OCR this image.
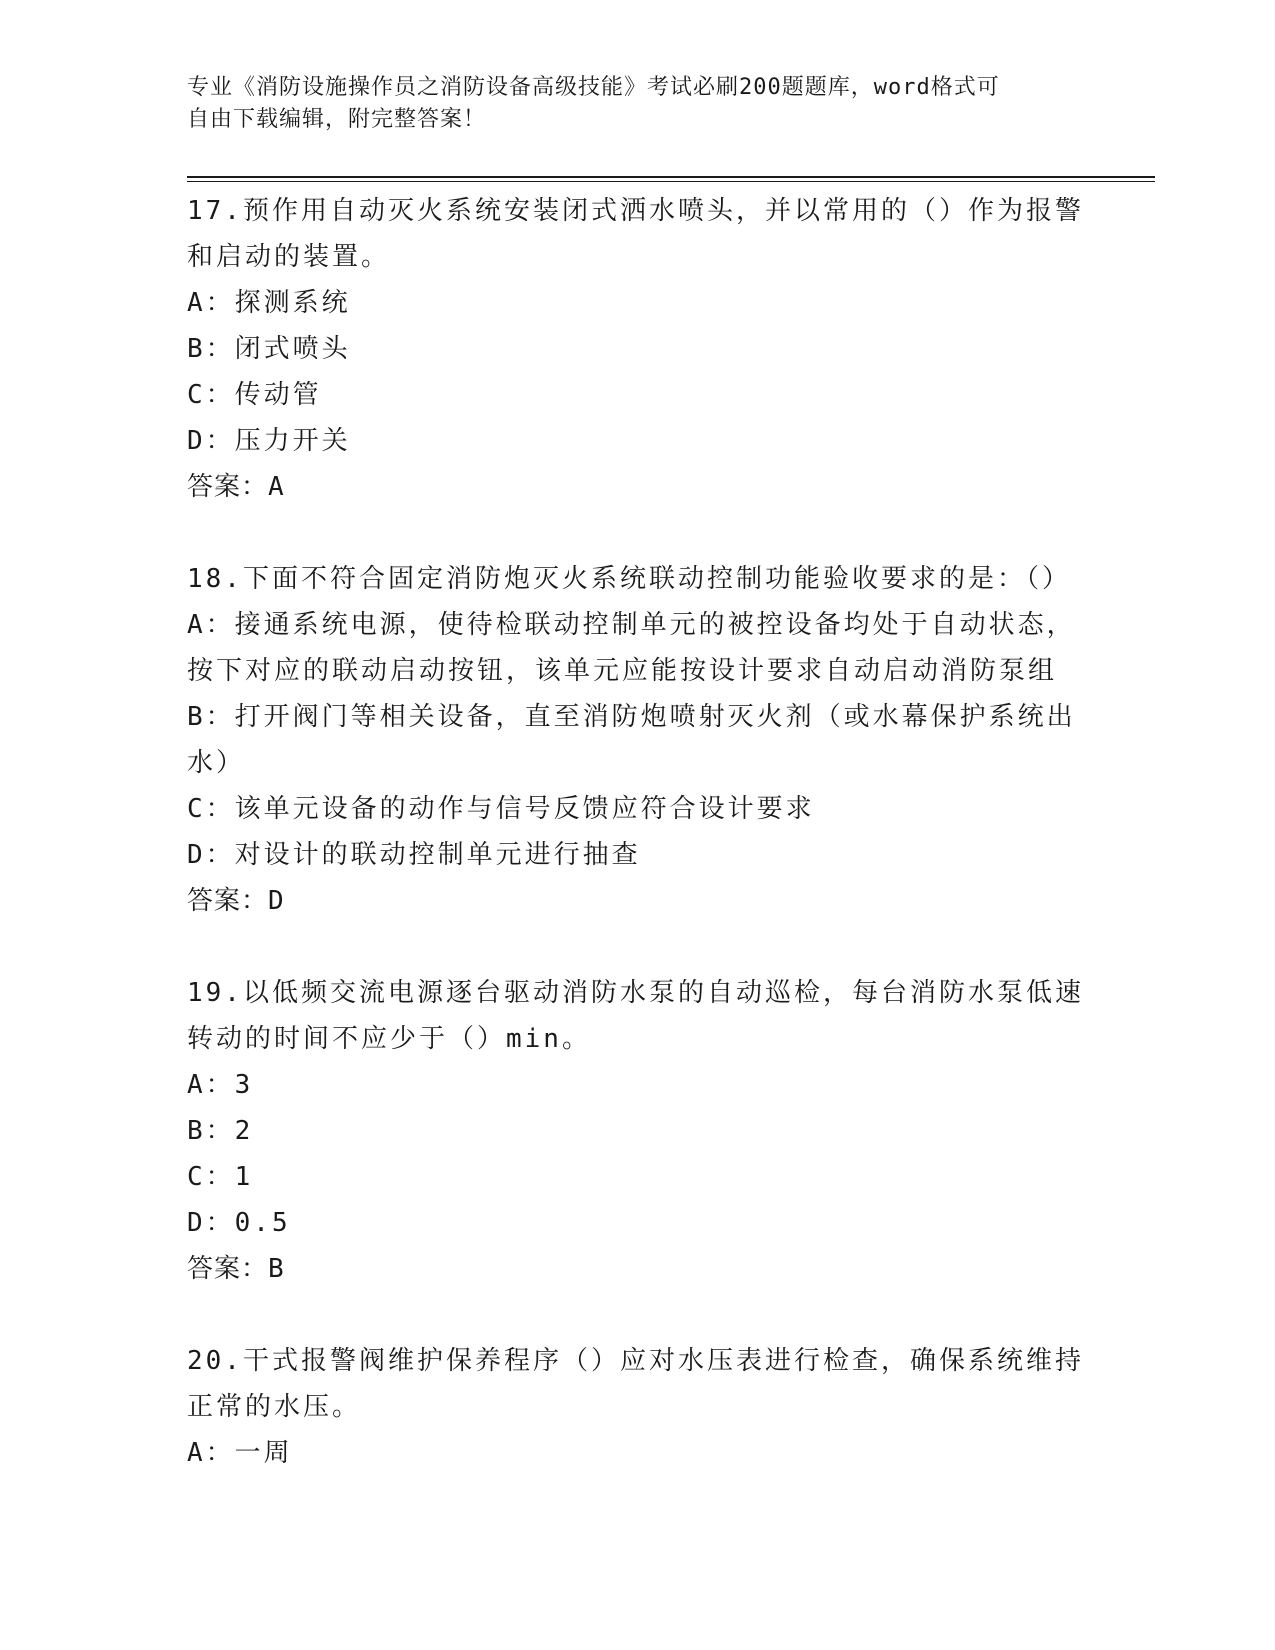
专业《消防设施操作员之消防设备高级技能》考试必刷200题题库，word格式可
自由下载编辑，附完整答案！
17.预作用自动灭火系统安装闭式洒水喷头，并以常用的（）作为报警
和启动的装置。
A：探测系统
B：闭式喷头
C：传动管
D：压力开关
答案：A
18.下面不符合固定消防炮灭火系统联动控制功能验收要求的是：（）
A：接通系统电源，使待检联动控制单元的被控设备均处于自动状态，
按下对应的联动启动按钮，该单元应能按设计要求自动启动消防泵组
B：打开阀门等相关设备，直至消防炮喷射灭火剂（或水幕保护系统出
水）
C：该单元设备的动作与信号反馈应符合设计要求
D：对设计的联动控制单元进行抽查
答案：D
19.以低频交流电源逐台驱动消防水泵的自动巡检，每台消防水泵低速
转动的时间不应少于（）min。
A：3
B：2
C：1
D：0.5
答案：B
20.干式报警阀维护保养程序（）应对水压表进行检查，确保系统维持
正常的水压。
A：一周
